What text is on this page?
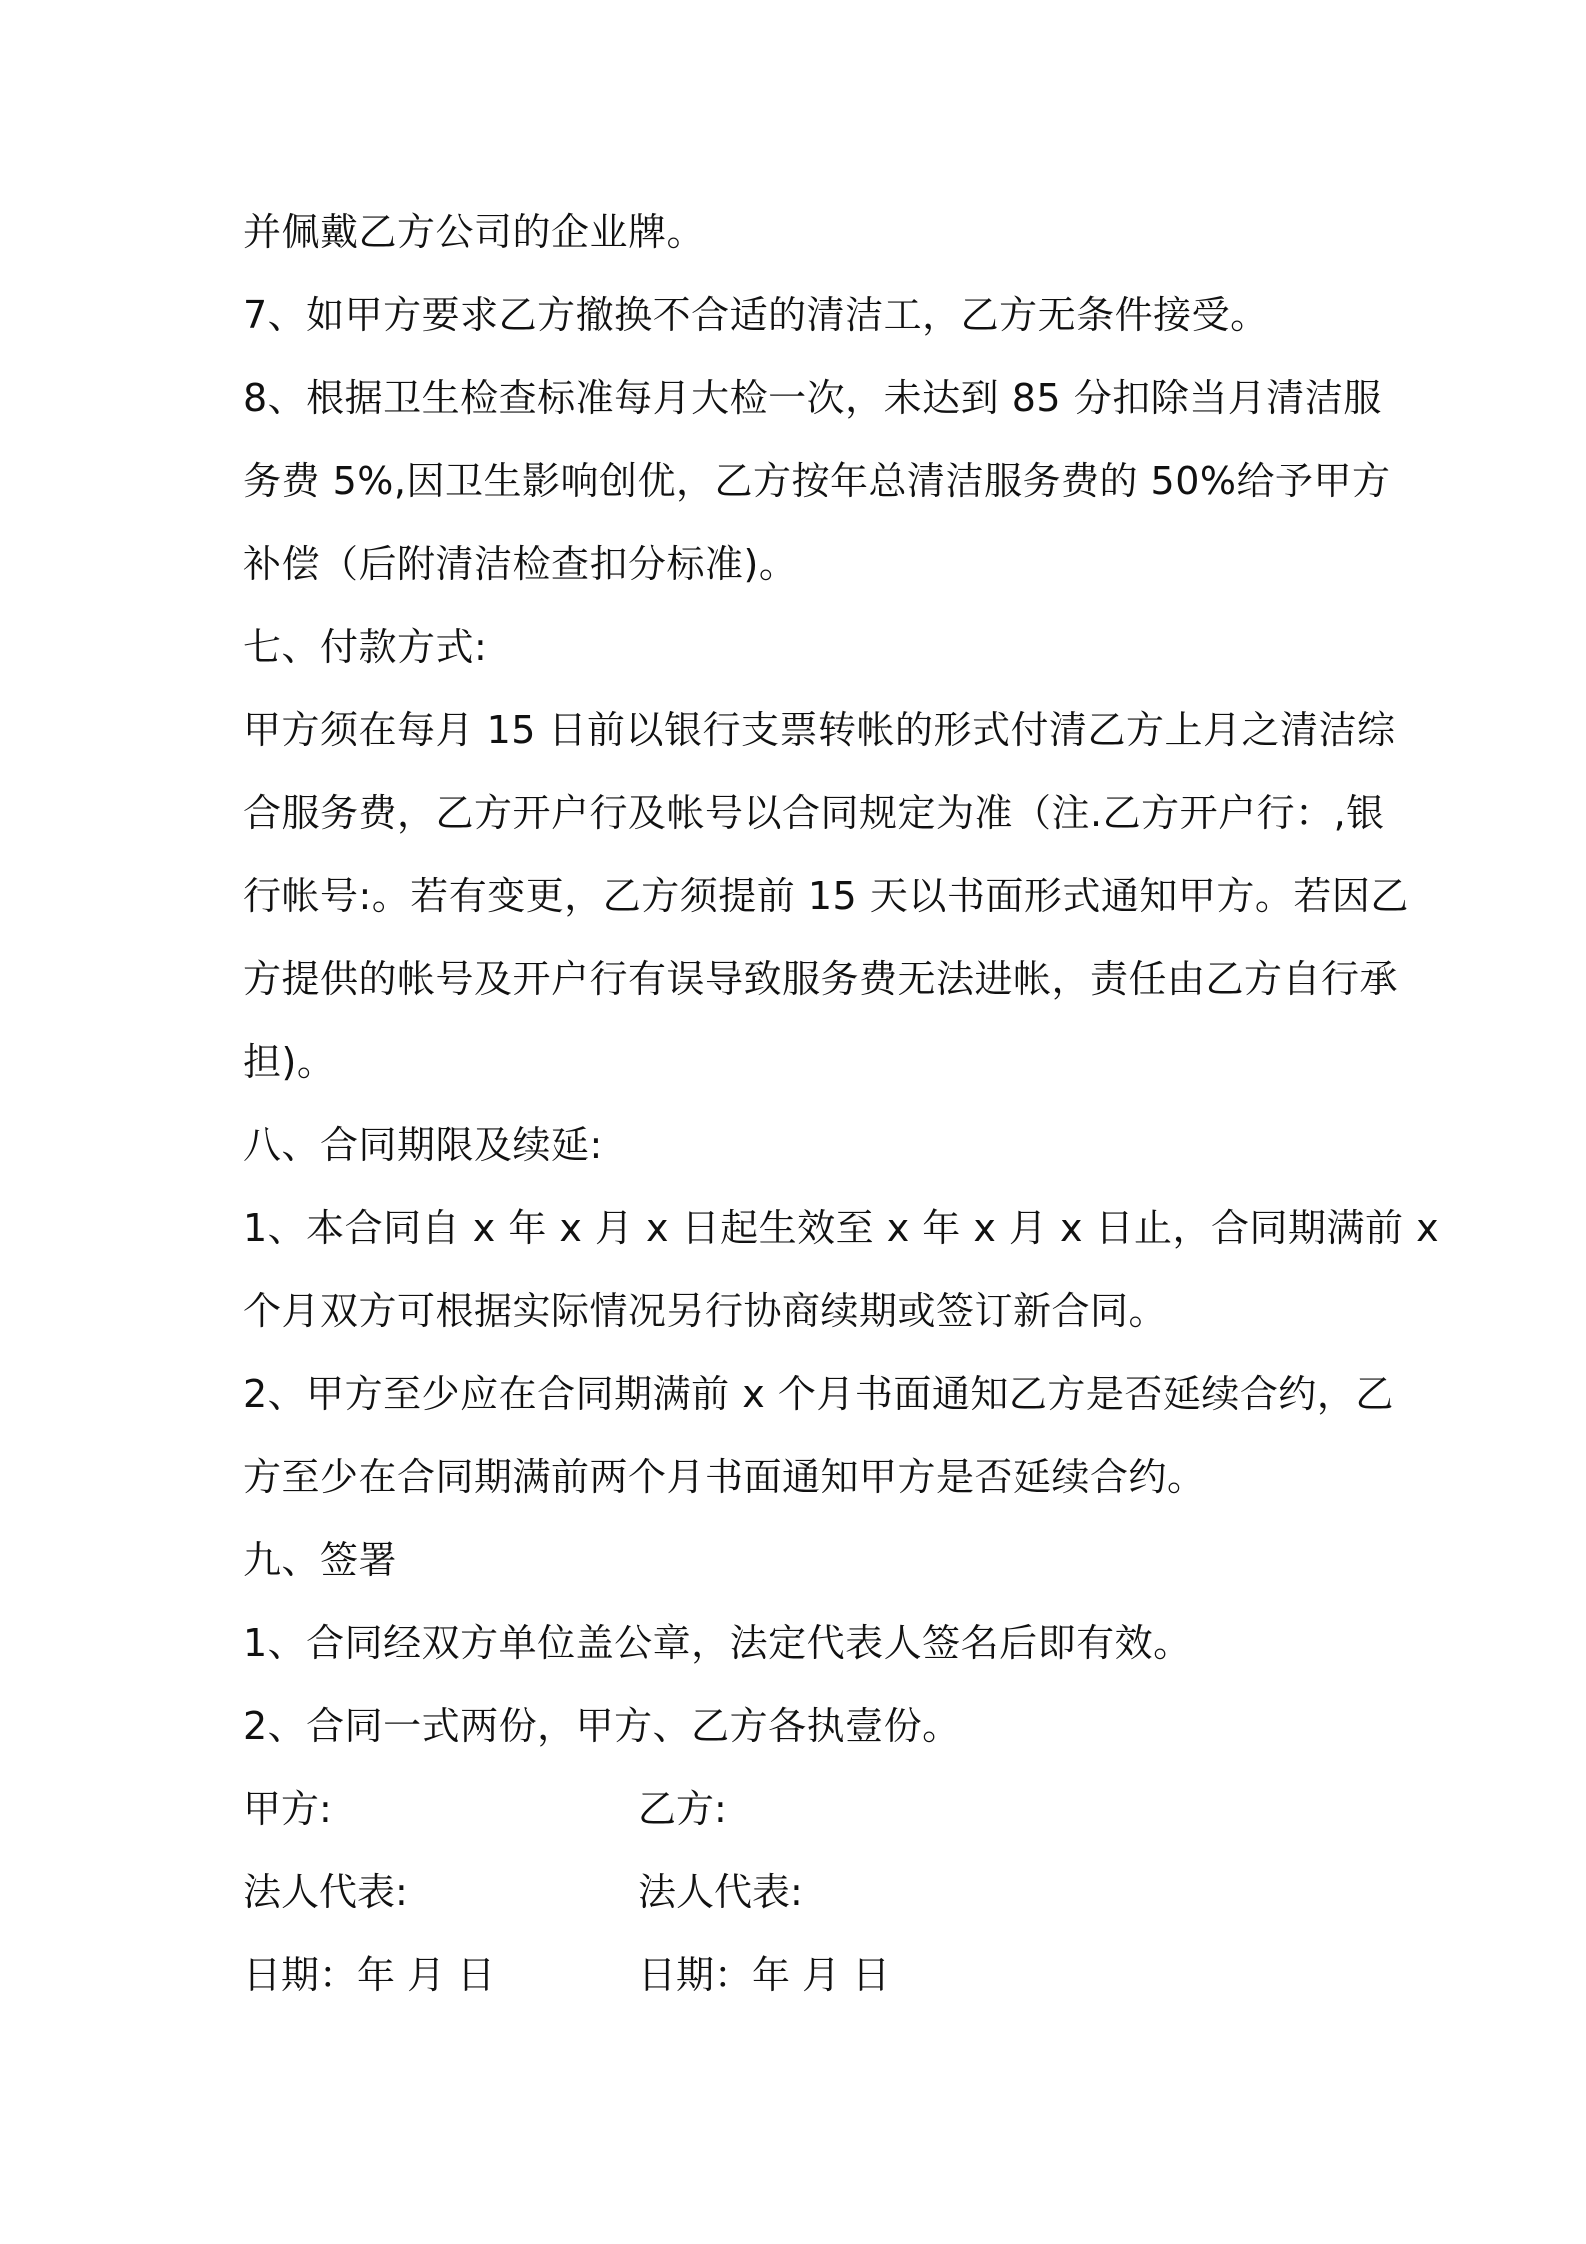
并佩戴乙方公司的企业牌。
7、如甲方要求乙方撤换不合适的清洁工，乙方无条件接受。
8、根据卫生检查标准每月大检一次，未达到 85 分扣除当月清洁服
务费 5%,因卫生影响创优，乙方按年总清洁服务费的 50%给予甲方
补偿（后附清洁检查扣分标准)。
七、付款方式:
甲方须在每月 15 日前以银行支票转帐的形式付清乙方上月之清洁综
合服务费，乙方开户行及帐号以合同规定为准（注.乙方开户行：,银
行帐号:。若有变更，乙方须提前 15 天以书面形式通知甲方。若因乙
方提供的帐号及开户行有误导致服务费无法进帐，责任由乙方自行承
担)。
八、合同期限及续延:
1、本合同自 x 年 x 月 x 日起生效至 x 年 x 月 x 日止，合同期满前 x
个月双方可根据实际情况另行协商续期或签订新合同。
2、甲方至少应在合同期满前 x 个月书面通知乙方是否延续合约，乙
方至少在合同期满前两个月书面通知甲方是否延续合约。
九、签署
1、合同经双方单位盖公章，法定代表人签名后即有效。
2、合同一式两份，甲方、乙方各执壹份。
甲方:	乙方:
法人代表:	法人代表:
日期：年 月 日	日期：年 月 日
